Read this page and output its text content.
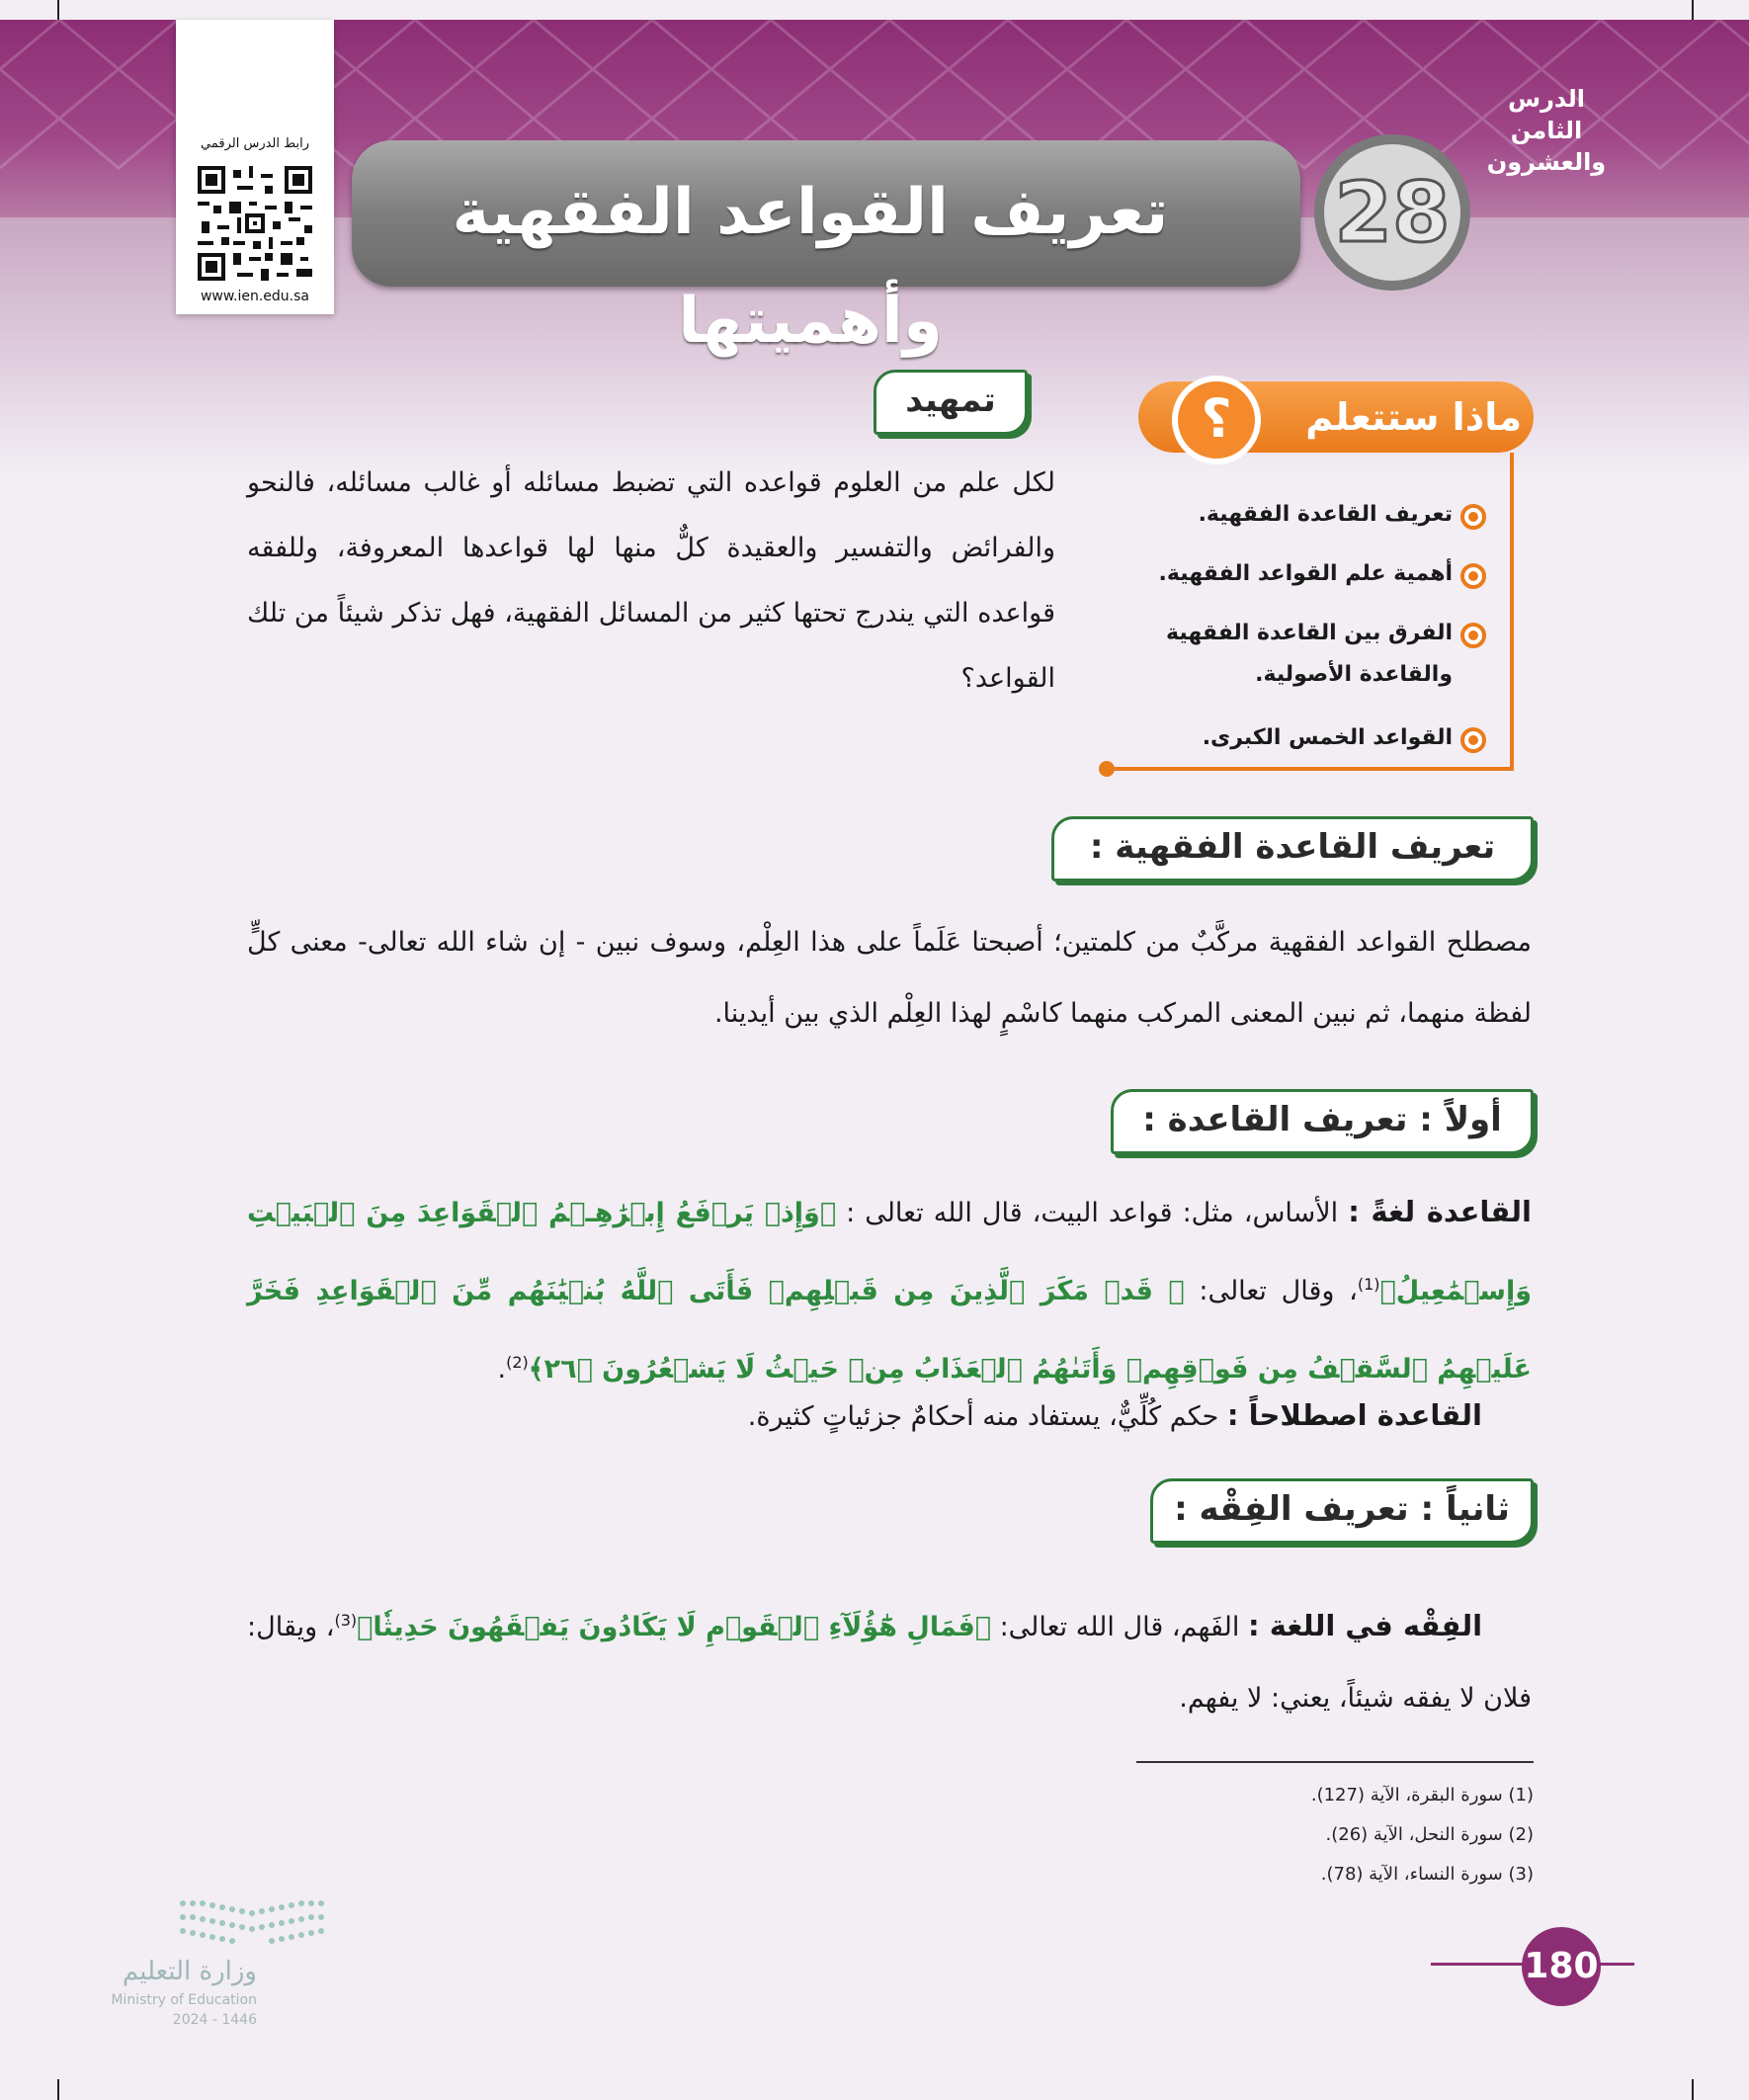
الدرس الثامن والعشرون
28
تعريف القواعد الفقهية وأهميتها
رابط الدرس الرقمي
www.ien.edu.sa
ماذا ستتعلم
؟
تعريف القاعدة الفقهية.
أهمية علم القواعد الفقهية.
الفرق بين القاعدة الفقهية والقاعدة الأصولية.
القواعد الخمس الكبرى.
تمهيد
لكل علم من العلوم قواعده التي تضبط مسائله أو غالب مسائله، فالنحو والفرائض والتفسير والعقيدة كلٌّ منها لها قواعدها المعروفة، وللفقه قواعده التي يندرج تحتها كثير من المسائل الفقهية، فهل تذكر شيئاً من تلك القواعد؟
تعريف القاعدة الفقهية :
مصطلح القواعد الفقهية مركَّبٌ من كلمتين؛ أصبحتا عَلَماً على هذا العِلْم، وسوف نبين - إن شاء الله تعالى- معنى كلٍّ لفظة منهما، ثم نبين المعنى المركب منهما كاسْمٍ لهذا العِلْم الذي بين أيدينا.
أولاً : تعريف القاعدة :
القاعدة لغةً : الأساس، مثل: قواعد البيت، قال الله تعالى : ﴿وَإِذۡ يَرۡفَعُ إِبۡرَٰهِـۧمُ ٱلۡقَوَاعِدَ مِنَ ٱلۡبَيۡتِ وَإِسۡمَٰعِيلُ﴾$^{(1)}$، وقال تعالى: ﴿ قَدۡ مَكَرَ ٱلَّذِينَ مِن قَبۡلِهِمۡ فَأَتَى ٱللَّهُ بُنۡيَٰنَهُم مِّنَ ٱلۡقَوَاعِدِ فَخَرَّ عَلَيۡهِمُ ٱلسَّقۡفُ مِن فَوۡقِهِمۡ وَأَتَىٰهُمُ ٱلۡعَذَابُ مِنۡ حَيۡثُ لَا يَشۡعُرُونَ ﴿٢٦﴾$^{(2)}$.
القاعدة اصطلاحاً : حكم كُلِّيٌّ، يستفاد منه أحكامٌ جزئياتٍ كثيرة.
ثانياً : تعريف الفِقْه :
الفِقْه في اللغة : الفَهم، قال الله تعالى: ﴿فَمَالِ هَٰٓؤُلَآءِ ٱلۡقَوۡمِ لَا يَكَادُونَ يَفۡقَهُونَ حَدِيثٗا﴾$^{(3)}$، ويقال: فلان لا يفقه شيئاً، يعني: لا يفهم.
(1) سورة البقرة، الآية (127).
(2) سورة النحل، الآية (26).
(3) سورة النساء، الآية (78).
180
وزارة التعليم
Ministry of Education
2024 - 1446
